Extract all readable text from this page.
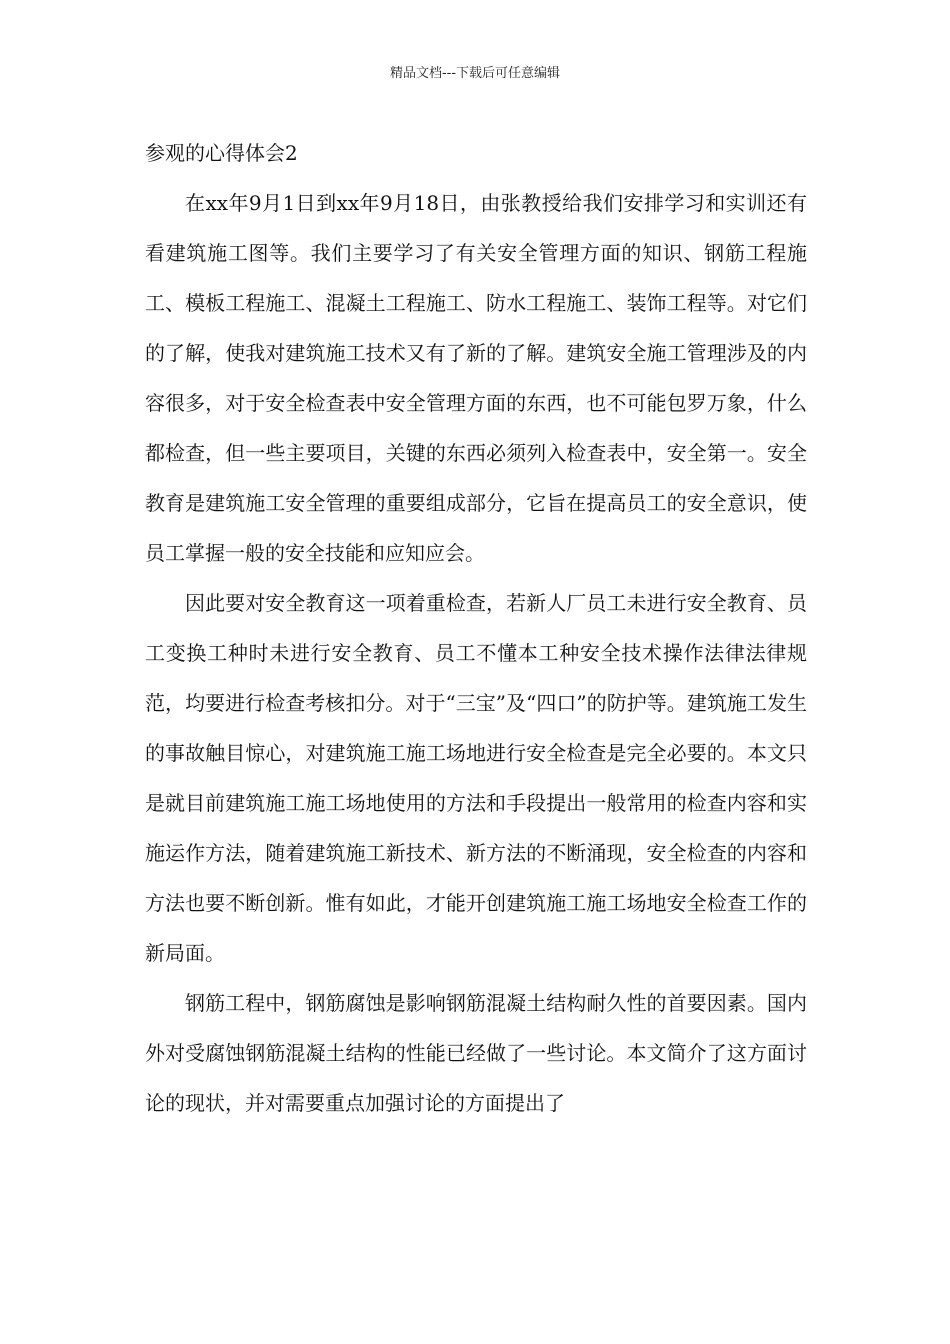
精品文档---下载后可任意编辑
参观的心得体会2

在xx年9月1日到xx年9月18日，由张教授给我们安排学习和实训还有看建筑施工图等。我们主要学习了有关安全管理方面的知识、钢筋工程施工、模板工程施工、混凝土工程施工、防水工程施工、装饰工程等。对它们的了解，使我对建筑施工技术又有了新的了解。建筑安全施工管理涉及的内容很多，对于安全检查表中安全管理方面的东西，也不可能包罗万象，什么都检查，但一些主要项目，关键的东西必须列入检查表中，安全第一。安全教育是建筑施工安全管理的重要组成部分，它旨在提高员工的安全意识，使员工掌握一般的安全技能和应知应会。

因此要对安全教育这一项着重检查，若新人厂员工未进行安全教育、员工变换工种时未进行安全教育、员工不懂本工种安全技术操作法律法律规范，均要进行检查考核扣分。对于“三宝”及“四口”的防护等。建筑施工发生的事故触目惊心，对建筑施工施工场地进行安全检查是完全必要的。本文只是就目前建筑施工施工场地使用的方法和手段提出一般常用的检查内容和实施运作方法，随着建筑施工新技术、新方法的不断涌现，安全检查的内容和方法也要不断创新。惟有如此，才能开创建筑施工施工场地安全检查工作的新局面。

钢筋工程中，钢筋腐蚀是影响钢筋混凝土结构耐久性的首要因素。国内外对受腐蚀钢筋混凝土结构的性能已经做了一些讨论。本文简介了这方面讨论的现状，并对需要重点加强讨论的方面提出了
